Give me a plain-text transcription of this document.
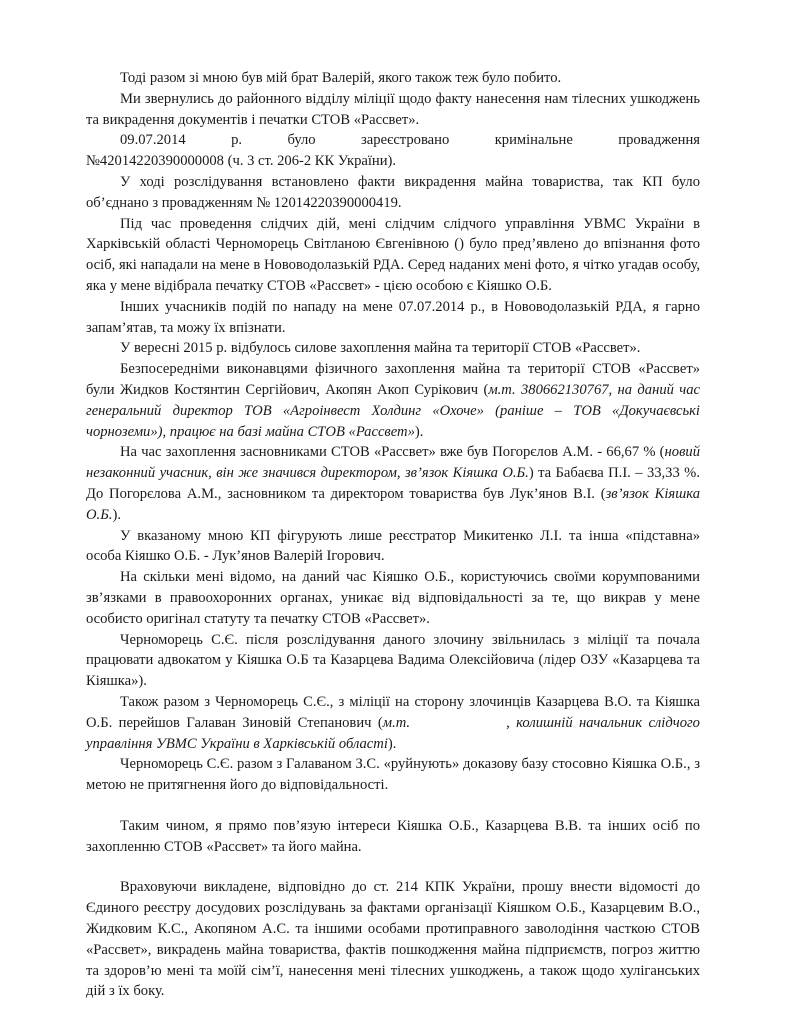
Тоді разом зі мною був мій брат Валерій, якого також теж було побито.

Ми звернулись до районного відділу міліції щодо факту нанесення нам тілесних ушкоджень та викрадення документів і печатки СТОВ «Рассвет».

09.07.2014	р.	було	зареєстровано	кримінальне	провадження
№42014220390000008 (ч. 3 ст. 206-2 КК України).

У ході розслідування встановлено факти викрадення майна товариства, так КП було об’єднано з провадженням № 12014220390000419.

Під час проведення слідчих дій, мені слідчим слідчого управління УВМС України в Харківській області Черноморець Світланою Євгенівною () було пред’явлено до впізнання фото осіб, які нападали на мене в Нововодолазькій РДА. Серед наданих мені фото, я чітко угадав особу, яка у мене відібрала печатку СТОВ «Рассвет» - цією особою є Кіяшко О.Б.

Інших учасників подій по нападу на мене 07.07.2014 р., в Нововодолазькій РДА, я гарно запам’ятав, та можу їх впізнати.

У вересні 2015 р. відбулось силове захоплення майна та території СТОВ «Рассвет».

Безпосередніми виконавцями фізичного захоплення майна та території СТОВ «Рассвет» були Жидков Костянтин Сергійович, Акопян Акоп Сурікович (м.т. 380662130767, на даний час генеральний директор ТОВ «Агроінвест Холдинг «Охоче» (раніше – ТОВ «Докучаєвські чорноземи»), працює на базі майна СТОВ «Рассвет»).

На час захоплення засновниками СТОВ «Рассвет» вже був Погорєлов А.М. - 66,67 % (новий незаконний учасник, він же значився директором, зв’язок Кіяшка О.Б.) та Бабаєва П.І. – 33,33 %. До Погорєлова А.М., засновником та директором товариства був Лук’янов В.І. (зв’язок Кіяшка О.Б.).

У вказаному мною КП фігурують лише реєстратор Микитенко Л.І. та інша «підставна» особа Кіяшко О.Б. - Лук’янов Валерій Ігорович.

На скільки мені відомо, на даний час Кіяшко О.Б., користуючись своїми корумпованими зв’язками в правоохоронних органах, уникає від відповідальності за те, що викрав у мене особисто оригінал статуту та печатку СТОВ «Рассвет».

Черноморець С.Є. після розслідування даного злочину звільнилась з міліції та почала працювати адвокатом у Кіяшка О.Б та Казарцева Вадима Олексійовича (лідер ОЗУ «Казарцева та Кіяшка»).

Також разом з Черноморець С.Є., з міліції на сторону злочинців Казарцева В.О. та Кіяшка О.Б. перейшов Галаван Зиновій Степанович (м.т.	, колишній начальник слідчого управління УВМС України в Харківській області).

Черноморець С.Є. разом з Галаваном З.С. «руйнують» доказову базу стосовно Кіяшка О.Б., з метою не притягнення його до відповідальності.

Таким чином, я прямо пов’язую інтереси Кіяшка О.Б., Казарцева В.В. та інших осіб по захопленню СТОВ «Рассвет» та його майна.

Враховуючи викладене, відповідно до ст. 214 КПК України, прошу внести відомості до Єдиного реєстру досудових розслідувань за фактами організації Кіяшком О.Б., Казарцевим В.О., Жидковим К.С., Акопяном А.С. та іншими особами протиправного заволодіння часткою СТОВ «Рассвет», викрадень майна товариства, фактів пошкодження майна підприємств, погроз життю та здоров’ю мені та моїй сім’ї, нанесення мені тілесних ушкоджень, а також щодо хуліганських дій з їх боку.
